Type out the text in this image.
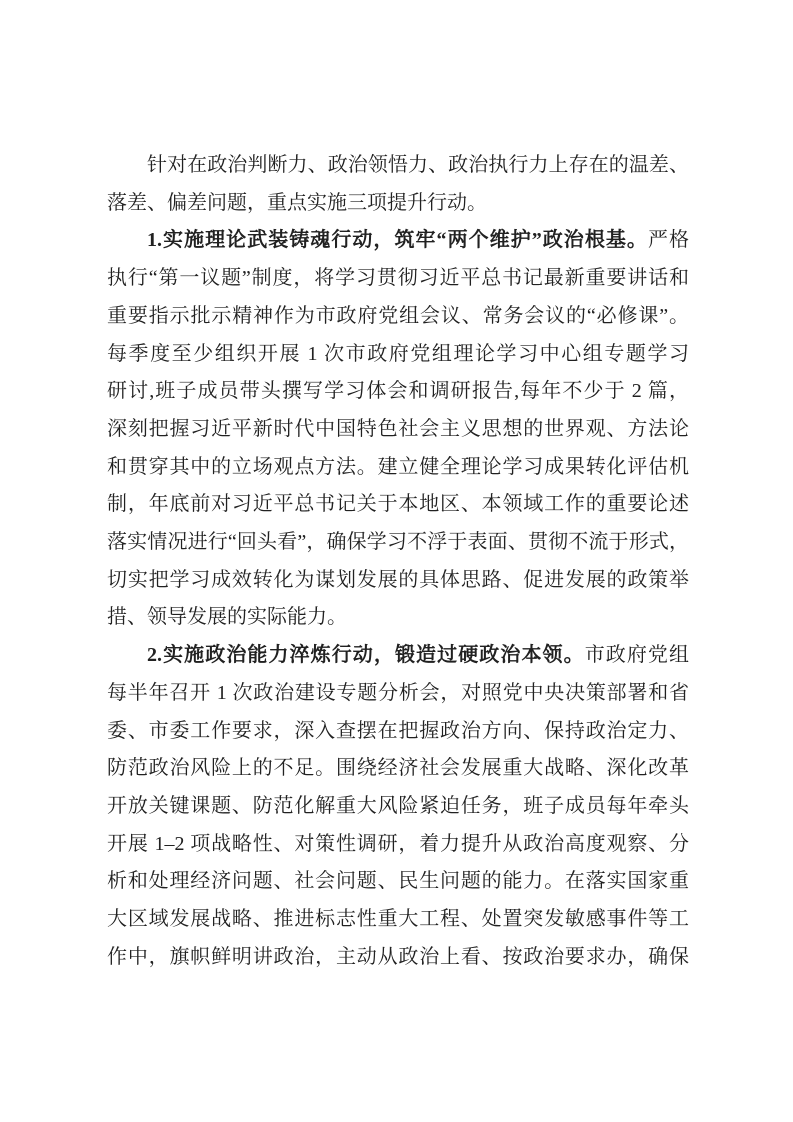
针对在政治判断力、政治领悟力、政治执行力上存在的温差、
落差、偏差问题，重点实施三项提升行动。
1.实施理论武装铸魂行动，筑牢“两个维护”政治根基。严格
执行“第一议题”制度，将学习贯彻习近平总书记最新重要讲话和
重要指示批示精神作为市政府党组会议、常务会议的“必修课”。
每季度至少组织开展 1 次市政府党组理论学习中心组专题学习
研讨,班子成员带头撰写学习体会和调研报告,每年不少于 2 篇，
深刻把握习近平新时代中国特色社会主义思想的世界观、方法论
和贯穿其中的立场观点方法。建立健全理论学习成果转化评估机
制，年底前对习近平总书记关于本地区、本领域工作的重要论述
落实情况进行“回头看”，确保学习不浮于表面、贯彻不流于形式，
切实把学习成效转化为谋划发展的具体思路、促进发展的政策举
措、领导发展的实际能力。
2.实施政治能力淬炼行动，锻造过硬政治本领。市政府党组
每半年召开 1 次政治建设专题分析会，对照党中央决策部署和省
委、市委工作要求，深入查摆在把握政治方向、保持政治定力、
防范政治风险上的不足。围绕经济社会发展重大战略、深化改革
开放关键课题、防范化解重大风险紧迫任务，班子成员每年牵头
开展 1–2 项战略性、对策性调研，着力提升从政治高度观察、分
析和处理经济问题、社会问题、民生问题的能力。在落实国家重
大区域发展战略、推进标志性重大工程、处置突发敏感事件等工
作中，旗帜鲜明讲政治，主动从政治上看、按政治要求办，确保
